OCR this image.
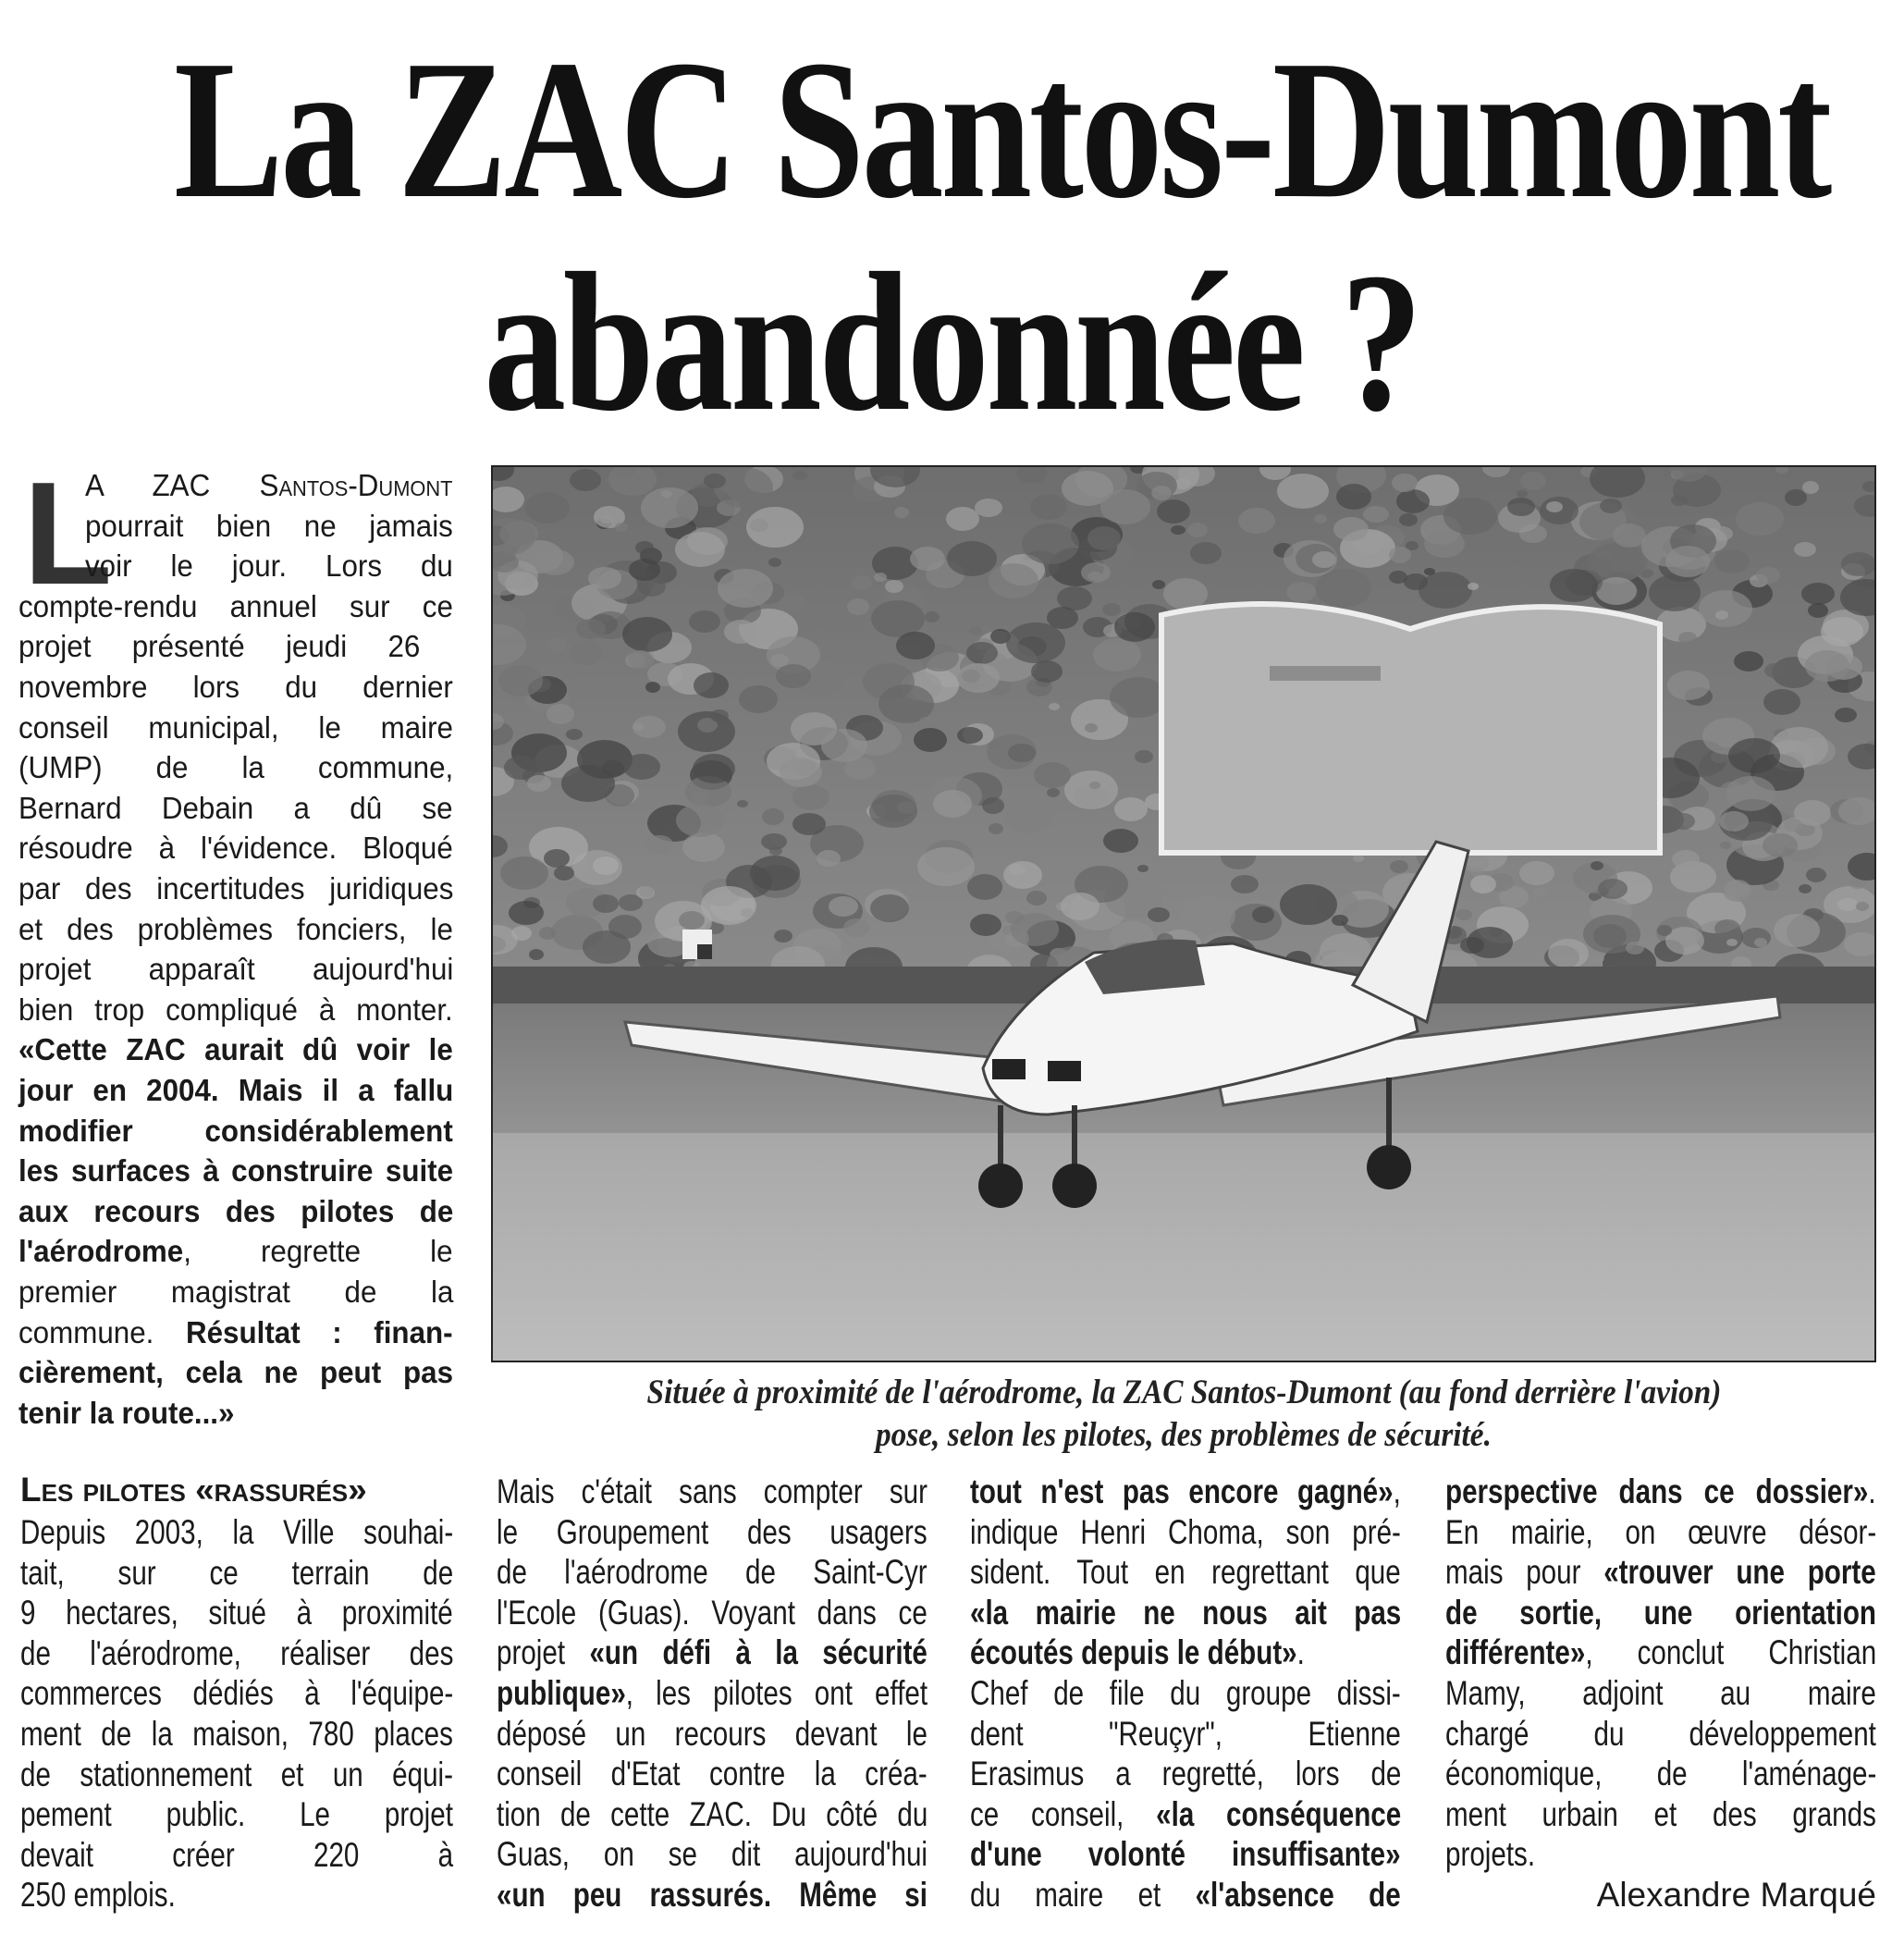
La ZAC Santos-Dumont
abandonnée ?
L
A ZAC Santos-Dumont
pourrait bien ne jamais
voir le jour. Lors du
compte-rendu annuel sur ce
projet présenté jeudi 26
novembre lors du dernier
conseil municipal, le maire
(UMP) de la commune,
Bernard Debain a dû se
résoudre à l'évidence. Bloqué
par des incertitudes juridiques
et des problèmes fonciers, le
projet apparaît aujourd'hui
bien trop compliqué à monter.
«Cette ZAC aurait dû voir le
jour en 2004. Mais il a fallu
modifier considérablement
les surfaces à construire suite
aux recours des pilotes de
l'aérodrome, regrette le
premier magistrat de la
commune. Résultat : finan-
cièrement, cela ne peut pas
tenir la route...»
Située à proximité de l'aérodrome, la ZAC Santos-Dumont (au fond derrière l'avion)
pose, selon les pilotes, des problèmes de sécurité.
Les pilotes «rassurés»
Depuis 2003, la Ville souhai-
tait, sur ce terrain de
9 hectares, situé à proximité
de l'aérodrome, réaliser des
commerces dédiés à l'équipe-
ment de la maison, 780 places
de stationnement et un équi-
pement public. Le projet
devait créer 220 à
250 emplois.
Mais c'était sans compter sur
le Groupement des usagers
de l'aérodrome de Saint-Cyr
l'Ecole (Guas). Voyant dans ce
projet «un défi à la sécurité
publique», les pilotes ont effet
déposé un recours devant le
conseil d'Etat contre la créa-
tion de cette ZAC. Du côté du
Guas, on se dit aujourd'hui
«un peu rassurés. Même si
tout n'est pas encore gagné»,
indique Henri Choma, son pré-
sident. Tout en regrettant que
«la mairie ne nous ait pas
écoutés depuis le début».
Chef de file du groupe dissi-
dent "Reuçyr", Etienne
Erasimus a regretté, lors de
ce conseil, «la conséquence
d'une volonté insuffisante»
du maire et «l'absence de
perspective dans ce dossier».
En mairie, on œuvre désor-
mais pour «trouver une porte
de sortie, une orientation
différente», conclut Christian
Mamy, adjoint au maire
chargé du développement
économique, de l'aménage-
ment urbain et des grands
projets.
Alexandre Marqué
